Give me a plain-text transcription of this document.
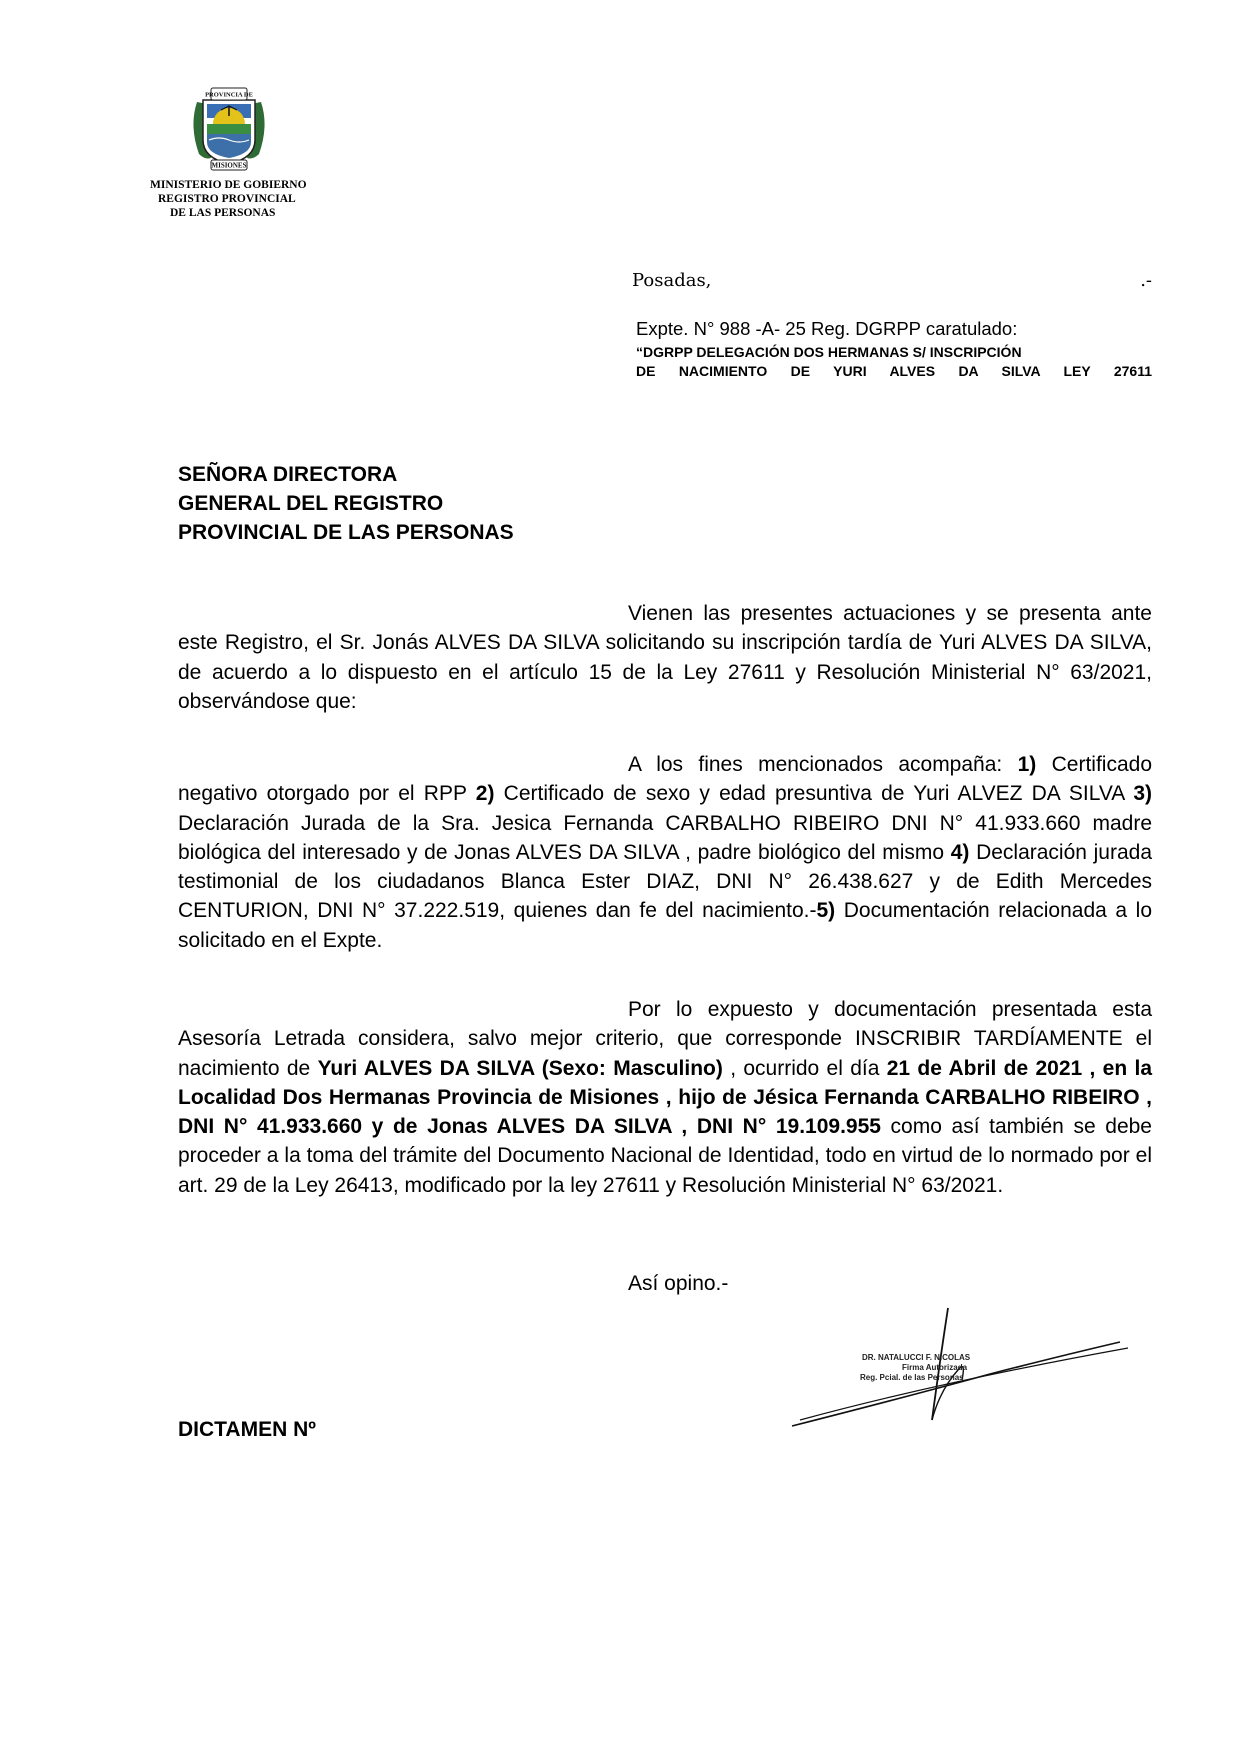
PROVINCIA DE
MISIONES
MINISTERIO DE GOBIERNO
REGISTRO PROVINCIAL
DE LAS PERSONAS
Posadas,	.-
Expte. N° 988 -A- 25 Reg. DGRPP caratulado:
“DGRPP DELEGACIÓN DOS HERMANAS S/ INSCRIPCIÓN
DE NACIMIENTO DE YURI ALVES DA SILVA LEY 27611
SEÑORA DIRECTORA
GENERAL DEL REGISTRO
PROVINCIAL DE LAS PERSONAS

Vienen las presentes actuaciones y se presenta ante este Registro, el Sr. Jonás ALVES DA SILVA solicitando su inscripción tardía de Yuri ALVES DA SILVA, de acuerdo a lo dispuesto en el artículo 15 de la Ley 27611 y Resolución Ministerial N° 63/2021, observándose que:

A los fines mencionados acompaña: 1) Certificado negativo otorgado por el RPP 2) Certificado de sexo y edad presuntiva de Yuri ALVEZ DA SILVA 3) Declaración Jurada de la Sra. Jesica Fernanda CARBALHO RIBEIRO DNI N° 41.933.660 madre biológica del interesado y de Jonas ALVES DA SILVA , padre biológico del mismo 4) Declaración jurada testimonial de los ciudadanos Blanca Ester DIAZ, DNI N° 26.438.627 y de Edith Mercedes CENTURION, DNI N° 37.222.519, quienes dan fe del nacimiento.-5) Documentación relacionada a lo solicitado en el Expte.

Por lo expuesto y documentación presentada esta Asesoría Letrada considera, salvo mejor criterio, que corresponde INSCRIBIR TARDÍAMENTE el nacimiento de Yuri ALVES DA SILVA (Sexo: Masculino) , ocurrido el día 21 de Abril de 2021 , en la Localidad Dos Hermanas Provincia de Misiones , hijo de Jésica Fernanda CARBALHO RIBEIRO , DNI N° 41.933.660 y de Jonas ALVES DA SILVA , DNI N° 19.109.955 como así también se debe proceder a la toma del trámite del Documento Nacional de Identidad, todo en virtud de lo normado por el art. 29 de la Ley 26413, modificado por la ley 27611 y Resolución Ministerial N° 63/2021.

Así opino.-
DR. NATALUCCI F. NICOLAS
Firma Autorizada
Reg. Pcial. de las Personas
DICTAMEN Nº
